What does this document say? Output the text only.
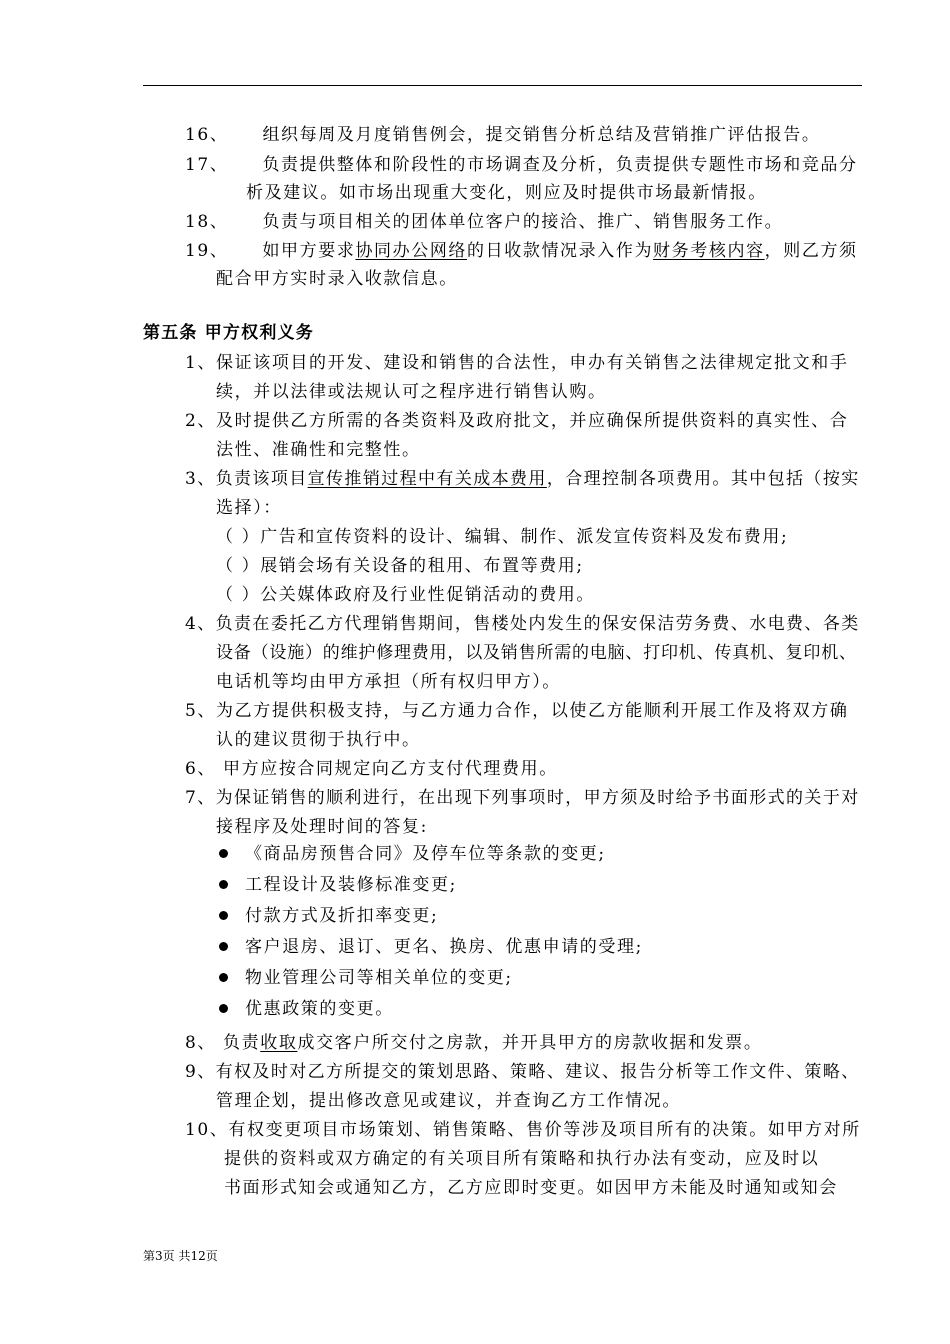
16、 组织每周及月度销售例会，提交销售分析总结及营销推广评估报告。
17、 负责提供整体和阶段性的市场调查及分析，负责提供专题性市场和竞品分
析及建议。如市场出现重大变化，则应及时提供市场最新情报。
18、 负责与项目相关的团体单位客户的接洽、推广、销售服务工作。
19、 如甲方要求协同办公网络的日收款情况录入作为财务考核内容，则乙方须
配合甲方实时录入收款信息。
第五条 甲方权利义务
1、保证该项目的开发、建设和销售的合法性，申办有关销售之法律规定批文和手
续，并以法律或法规认可之程序进行销售认购。
2、及时提供乙方所需的各类资料及政府批文，并应确保所提供资料的真实性、合
法性、准确性和完整性。
3、负责该项目宣传推销过程中有关成本费用，合理控制各项费用。其中包括（按实
选择）：
（ ）广告和宣传资料的设计、编辑、制作、派发宣传资料及发布费用;
（ ）展销会场有关设备的租用、布置等费用;
（ ）公关媒体政府及行业性促销活动的费用。
4、负责在委托乙方代理销售期间，售楼处内发生的保安保洁劳务费、水电费、各类
设备（设施）的维护修理费用，以及销售所需的电脑、打印机、传真机、复印机、
电话机等均由甲方承担（所有权归甲方）。
5、为乙方提供积极支持，与乙方通力合作，以使乙方能顺利开展工作及将双方确
认的建议贯彻于执行中。
6、 甲方应按合同规定向乙方支付代理费用。
7、为保证销售的顺利进行，在出现下列事项时，甲方须及时给予书面形式的关于对
接程序及处理时间的答复:
《商品房预售合同》及停车位等条款的变更;
工程设计及装修标准变更;
付款方式及折扣率变更;
客户退房、退订、更名、换房、优惠申请的受理;
物业管理公司等相关单位的变更;
优惠政策的变更。
8、 负责收取成交客户所交付之房款，并开具甲方的房款收据和发票。
9、有权及时对乙方所提交的策划思路、策略、建议、报告分析等工作文件、策略、
管理企划，提出修改意见或建议，并查询乙方工作情况。
10、有权变更项目市场策划、销售策略、售价等涉及项目所有的决策。如甲方对所
提供的资料或双方确定的有关项目所有策略和执行办法有变动，应及时以
书面形式知会或通知乙方，乙方应即时变更。如因甲方未能及时通知或知会
第3页 共12页
